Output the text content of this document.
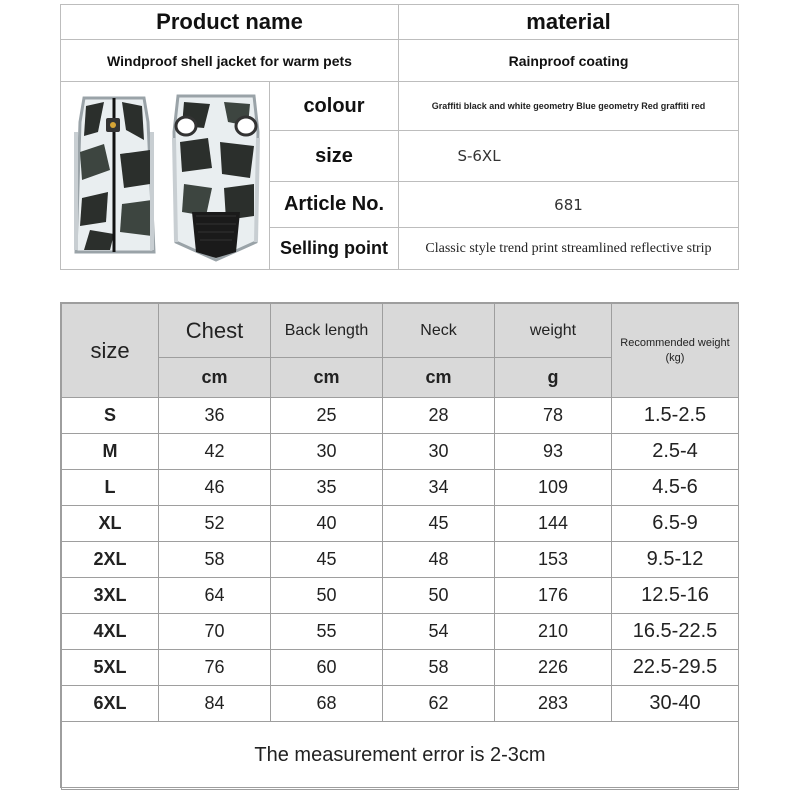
Product name	material
Windproof shell jacket for warm pets	Rainproof coating
colour	Graffiti black and white geometry Blue geometry Red graffiti red
size	S-6XL
Article No.	681
Selling point	Classic style trend print streamlined reflective strip
size	Chest	Back length	Neck	weight	Recommended weight
(kg)

	cm	cm	cm	g	
S	36	25	28	78	1.5-2.5
M	42	30	30	93	2.5-4
L	46	35	34	109	4.5-6
XL	52	40	45	144	6.5-9
2XL	58	45	48	153	9.5-12
3XL	64	50	50	176	12.5-16
4XL	70	55	54	210	16.5-22.5
5XL	76	60	58	226	22.5-29.5
6XL	84	68	62	283	30-40
The measurement error is 2-3cm					
